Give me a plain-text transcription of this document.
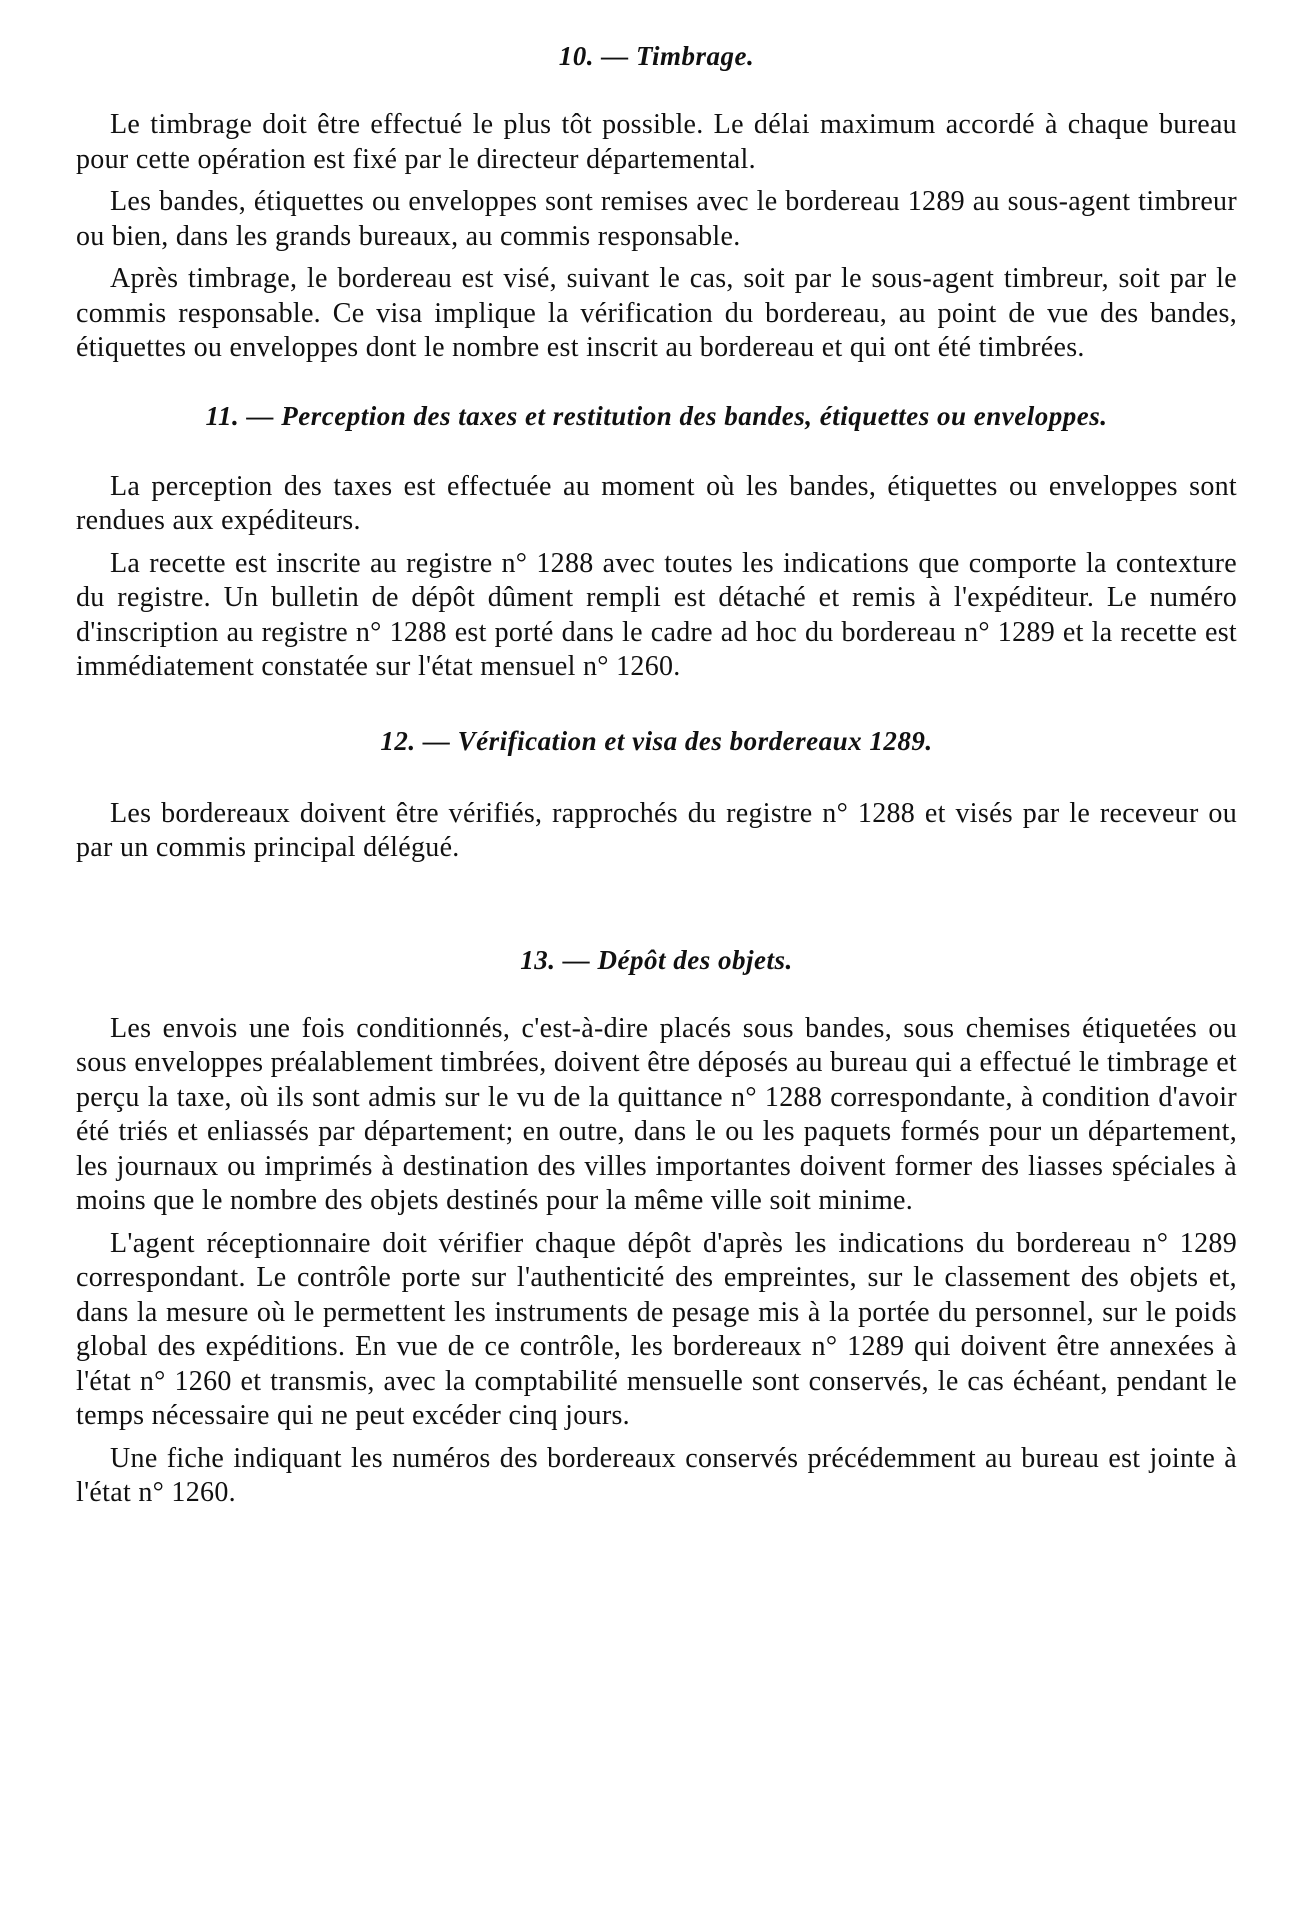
10. — Timbrage.

Le timbrage doit être effectué le plus tôt possible. Le délai maximum accordé à chaque bureau pour cette opération est fixé par le directeur départemental.

Les bandes, étiquettes ou enveloppes sont remises avec le bordereau 1289 au sous-agent timbreur ou bien, dans les grands bureaux, au commis responsable.

Après timbrage, le bordereau est visé, suivant le cas, soit par le sous-agent timbreur, soit par le commis responsable. Ce visa implique la vérification du bordereau, au point de vue des bandes, étiquettes ou enveloppes dont le nombre est inscrit au bordereau et qui ont été timbrées.

11. — Perception des taxes et restitution des bandes, étiquettes ou enveloppes.

La perception des taxes est effectuée au moment où les bandes, étiquettes ou enveloppes sont rendues aux expéditeurs.

La recette est inscrite au registre n° 1288 avec toutes les indications que comporte la contexture du registre. Un bulletin de dépôt dûment rempli est détaché et remis à l'expéditeur. Le numéro d'inscription au registre n° 1288 est porté dans le cadre ad hoc du bordereau n° 1289 et la recette est immédiatement constatée sur l'état mensuel n° 1260.

12. — Vérification et visa des bordereaux 1289.

Les bordereaux doivent être vérifiés, rapprochés du registre n° 1288 et visés par le receveur ou par un commis principal délégué.

13. — Dépôt des objets.

Les envois une fois conditionnés, c'est-à-dire placés sous bandes, sous chemises étiquetées ou sous enveloppes préalablement timbrées, doivent être déposés au bureau qui a effectué le timbrage et perçu la taxe, où ils sont admis sur le vu de la quittance n° 1288 correspondante, à condition d'avoir été triés et enliassés par département; en outre, dans le ou les paquets formés pour un département, les journaux ou imprimés à destination des villes importantes doivent former des liasses spéciales à moins que le nombre des objets destinés pour la même ville soit minime.

L'agent réceptionnaire doit vérifier chaque dépôt d'après les indications du bordereau n° 1289 correspondant. Le contrôle porte sur l'authenticité des empreintes, sur le classement des objets et, dans la mesure où le permettent les instruments de pesage mis à la portée du personnel, sur le poids global des expéditions. En vue de ce contrôle, les bordereaux n° 1289 qui doivent être annexées à l'état n° 1260 et transmis, avec la comptabilité mensuelle sont conservés, le cas échéant, pendant le temps nécessaire qui ne peut excéder cinq jours.

Une fiche indiquant les numéros des bordereaux conservés précédemment au bureau est jointe à l'état n° 1260.
